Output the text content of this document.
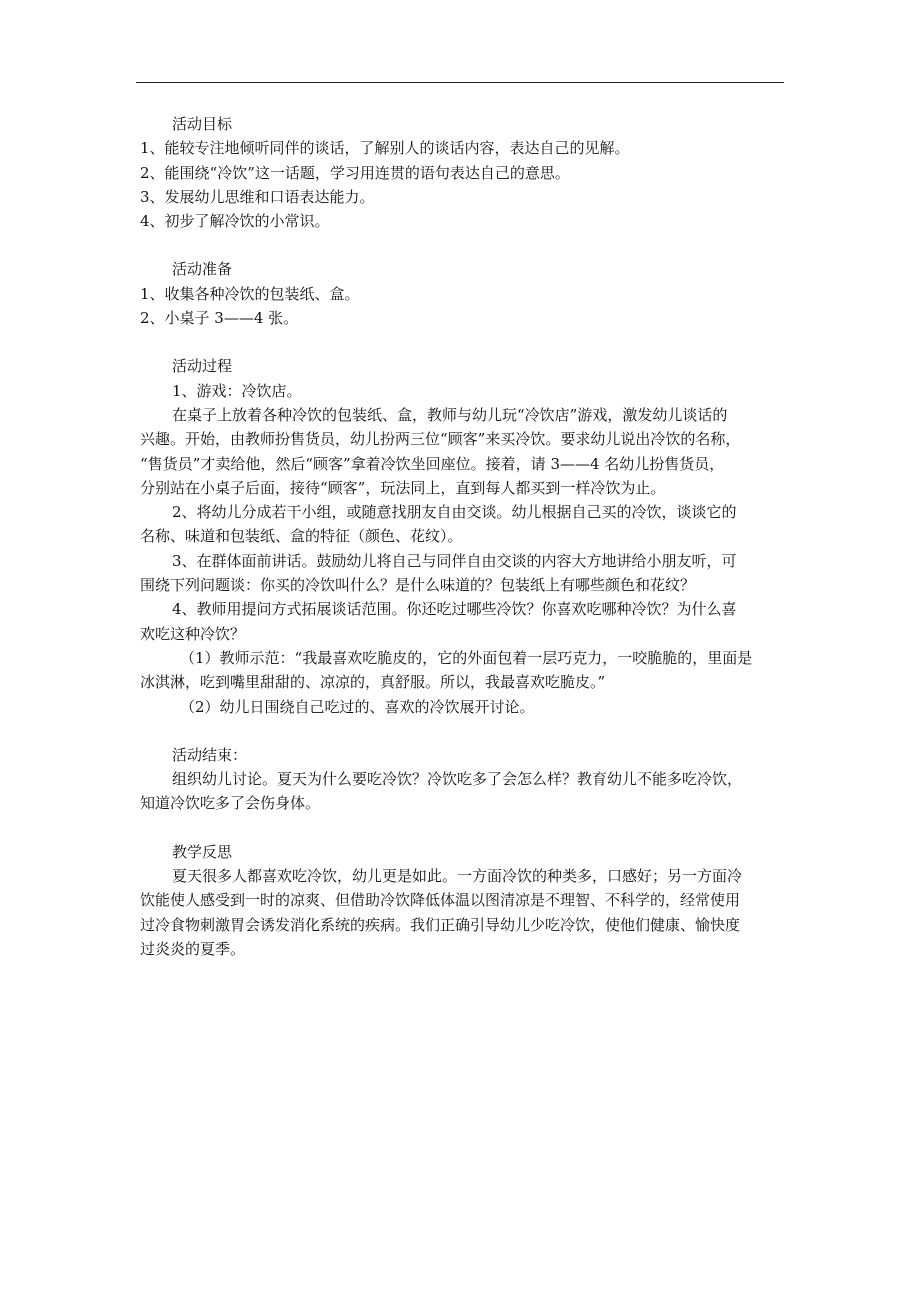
活动目标
1、能较专注地倾听同伴的谈话，了解别人的谈话内容，表达自己的见解。
2、能围绕“冷饮”这一话题，学习用连贯的语句表达自己的意思。
3、发展幼儿思维和口语表达能力。
4、初步了解冷饮的小常识。
活动准备
1、收集各种冷饮的包装纸、盒。
2、小桌子 3——4 张。
活动过程
1、游戏：冷饮店。
在桌子上放着各种冷饮的包装纸、盒，教师与幼儿玩“冷饮店”游戏，激发幼儿谈话的
兴趣。开始，由教师扮售货员，幼儿扮两三位“顾客”来买冷饮。要求幼儿说出冷饮的名称，
“售货员”才卖给他，然后“顾客”拿着冷饮坐回座位。接着，请 3——4 名幼儿扮售货员，
分别站在小桌子后面，接待“顾客”，玩法同上，直到每人都买到一样冷饮为止。
2、将幼儿分成若干小组，或随意找朋友自由交谈。幼儿根据自己买的冷饮，谈谈它的
名称、味道和包装纸、盒的特征（颜色、花纹）。
3、在群体面前讲话。鼓励幼儿将自己与同伴自由交谈的内容大方地讲给小朋友听，可
围绕下列问题谈：你买的冷饮叫什么？是什么味道的？包装纸上有哪些颜色和花纹？
4、教师用提问方式拓展谈话范围。你还吃过哪些冷饮？你喜欢吃哪种冷饮？为什么喜
欢吃这种冷饮？
（1）教师示范：“我最喜欢吃脆皮的，它的外面包着一层巧克力，一咬脆脆的，里面是
冰淇淋，吃到嘴里甜甜的、凉凉的，真舒服。所以，我最喜欢吃脆皮。”
（2）幼儿日围绕自己吃过的、喜欢的冷饮展开讨论。
活动结束：
组织幼儿讨论。夏天为什么要吃冷饮？冷饮吃多了会怎么样？教育幼儿不能多吃冷饮，
知道冷饮吃多了会伤身体。
教学反思
夏天很多人都喜欢吃冷饮，幼儿更是如此。一方面冷饮的种类多，口感好；另一方面冷
饮能使人感受到一时的凉爽、但借助冷饮降低体温以图清凉是不理智、不科学的，经常使用
过冷食物刺激胃会诱发消化系统的疾病。我们正确引导幼儿少吃冷饮，使他们健康、愉快度
过炎炎的夏季。
